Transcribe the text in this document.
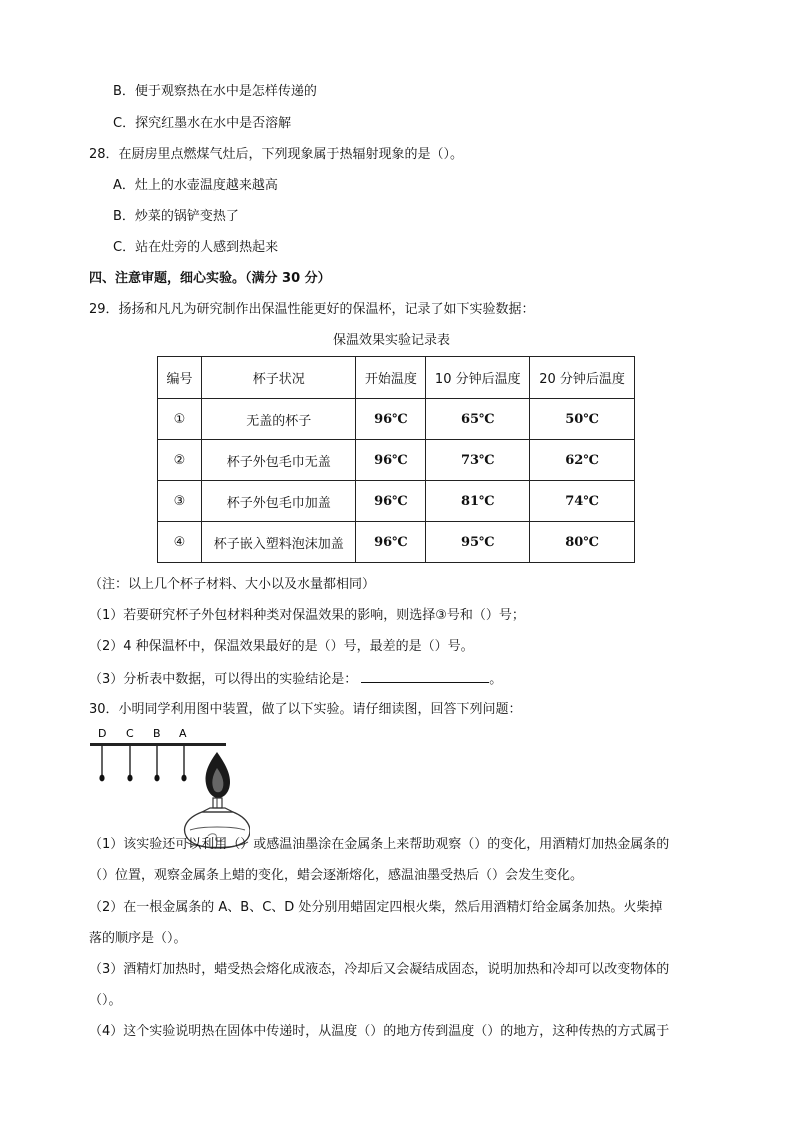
B．便于观察热在水中是怎样传递的
C．探究红墨水在水中是否溶解
28．在厨房里点燃煤气灶后，下列现象属于热辐射现象的是（）。
A．灶上的水壶温度越来越高
B．炒菜的锅铲变热了
C．站在灶旁的人感到热起来
四、注意审题，细心实验。（满分 30 分）
29．扬扬和凡凡为研究制作出保温性能更好的保温杯，记录了如下实验数据：
保温效果实验记录表
编号	杯子状况	开始温度	10 分钟后温度	20 分钟后温度
①	无盖的杯子	96℃	65℃	50℃
②	杯子外包毛巾无盖	96℃	73℃	62℃
③	杯子外包毛巾加盖	96℃	81℃	74℃
④	杯子嵌入塑料泡沫加盖	96℃	95℃	80℃
（注：以上几个杯子材料、大小以及水量都相同）
（1）若要研究杯子外包材料种类对保温效果的影响，则选择③号和（）号；
（2）4 种保温杯中，保温效果最好的是（）号，最差的是（）号。
（3）分析表中数据，可以得出的实验结论是：	。
30．小明同学利用图中装置，做了以下实验。请仔细读图，回答下列问题：
D C B A
（1）该实验还可以利用（）或感温油墨涂在金属条上来帮助观察（）的变化，用酒精灯加热金属条的
（）位置，观察金属条上蜡的变化，蜡会逐渐熔化，感温油墨受热后（）会发生变化。
（2）在一根金属条的 A、B、C、D 处分别用蜡固定四根火柴，然后用酒精灯给金属条加热。火柴掉
落的顺序是（）。
（3）酒精灯加热时，蜡受热会熔化成液态，冷却后又会凝结成固态，说明加热和冷却可以改变物体的
（）。
（4）这个实验说明热在固体中传递时，从温度（）的地方传到温度（）的地方，这种传热的方式属于
